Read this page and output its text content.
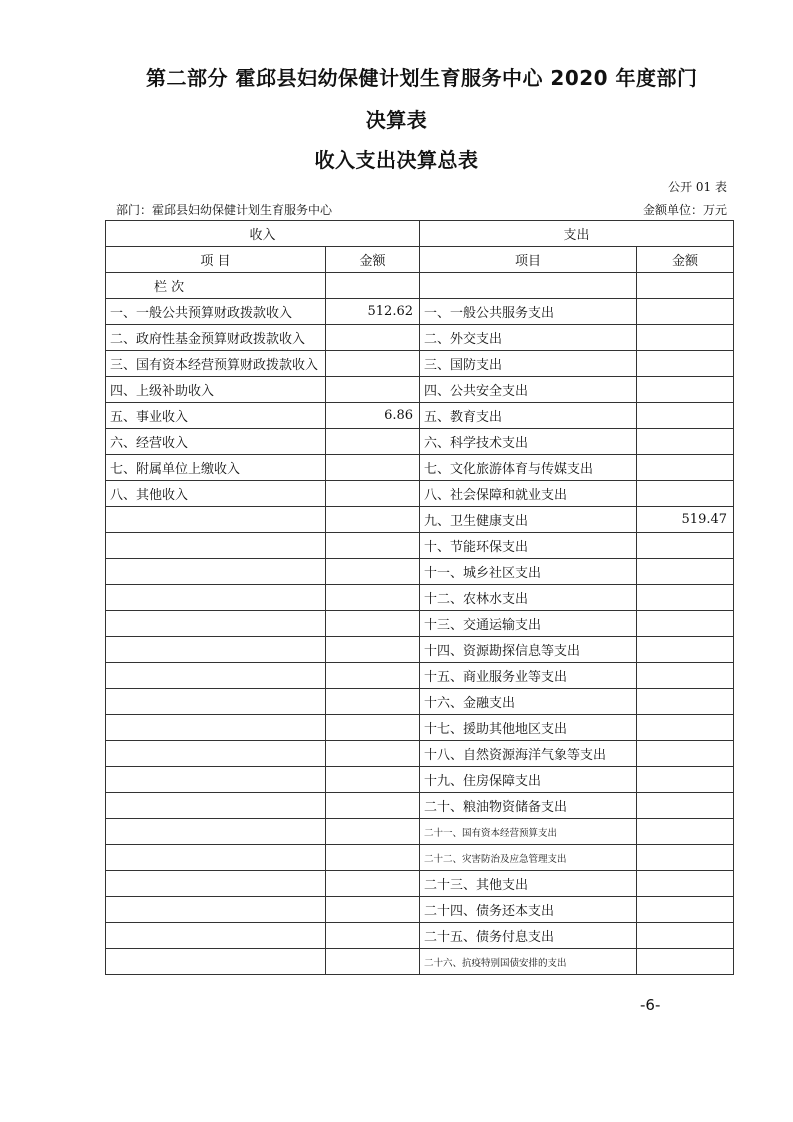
第二部分 霍邱县妇幼保健计划生育服务中心 2020 年度部门
决算表
收入支出决算总表
公开 01 表
部门：霍邱县妇幼保健计划生育服务中心	金额单位：万元
收入		支出	
项 目	金额	项目	金额
栏 次			
一、一般公共预算财政拨款收入	512.62	一、一般公共服务支出	
二、政府性基金预算财政拨款收入		二、外交支出	
三、国有资本经营预算财政拨款收入		三、国防支出	
四、上级补助收入		四、公共安全支出	
五、事业收入	6.86	五、教育支出	
六、经营收入		六、科学技术支出	
七、附属单位上缴收入		七、文化旅游体育与传媒支出	
八、其他收入		八、社会保障和就业支出	
		九、卫生健康支出	519.47
		十、节能环保支出	
		十一、城乡社区支出	
		十二、农林水支出	
		十三、交通运输支出	
		十四、资源勘探信息等支出	
		十五、商业服务业等支出	
		十六、金融支出	
		十七、援助其他地区支出	
		十八、自然资源海洋气象等支出	
		十九、住房保障支出	
		二十、粮油物资储备支出	
		二十一、国有资本经营预算支出	
		二十二、灾害防治及应急管理支出	
		二十三、其他支出	
		二十四、债务还本支出	
		二十五、债务付息支出	
		二十六、抗疫特别国债安排的支出	
-6-
